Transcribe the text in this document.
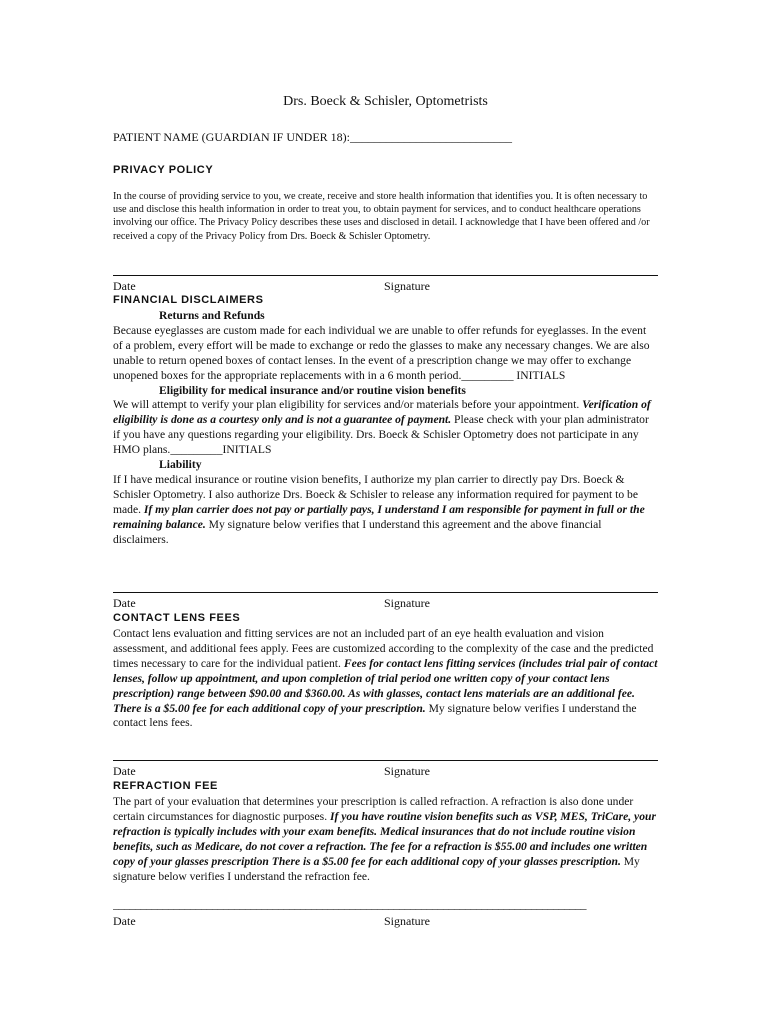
Drs. Boeck & Schisler, Optometrists
PATIENT NAME (GUARDIAN IF UNDER 18):___________________________
PRIVACY POLICY
In the course of providing service to you, we create, receive and store health information that identifies you. It is often necessary to use and disclose this health information in order to treat you, to obtain payment for services, and to conduct healthcare operations involving our office. The Privacy Policy describes these uses and disclosed in detail. I acknowledge that I have been offered and /or received a copy of the Privacy Policy from Drs. Boeck & Schisler Optometry.
Date	Signature
FINANCIAL DISCLAIMERS
Returns and Refunds
Because eyeglasses are custom made for each individual we are unable to offer refunds for eyeglasses. In the event of a problem, every effort will be made to exchange or redo the glasses to make any necessary changes. We are also unable to return opened boxes of contact lenses. In the event of a prescription change we may offer to exchange unopened boxes for the appropriate replacements with in a 6 month period._________ INITIALS
Eligibility for medical insurance and/or routine vision benefits
We will attempt to verify your plan eligibility for services and/or materials before your appointment. Verification of eligibility is done as a courtesy only and is not a guarantee of payment. Please check with your plan administrator if you have any questions regarding your eligibility. Drs. Boeck & Schisler Optometry does not participate in any HMO plans._________INITIALS
Liability
If I have medical insurance or routine vision benefits, I authorize my plan carrier to directly pay Drs. Boeck & Schisler Optometry. I also authorize Drs. Boeck & Schisler to release any information required for payment to be made. If my plan carrier does not pay or partially pays, I understand I am responsible for payment in full or the remaining balance. My signature below verifies that I understand this agreement and the above financial disclaimers.
Date	Signature
CONTACT LENS FEES
Contact lens evaluation and fitting services are not an included part of an eye health evaluation and vision assessment, and additional fees apply. Fees are customized according to the complexity of the case and the predicted times necessary to care for the individual patient. Fees for contact lens fitting services (includes trial pair of contact lenses, follow up appointment, and upon completion of trial period one written copy of your contact lens prescription) range between $90.00 and $360.00. As with glasses, contact lens materials are an additional fee. There is a $5.00 fee for each additional copy of your prescription. My signature below verifies I understand the contact lens fees.
Date	Signature
REFRACTION FEE
The part of your evaluation that determines your prescription is called refraction. A refraction is also done under certain circumstances for diagnostic purposes. If you have routine vision benefits such as VSP, MES, TriCare, your refraction is typically includes with your exam benefits. Medical insurances that do not include routine vision benefits, such as Medicare, do not cover a refraction. The fee for a refraction is $55.00 and includes one written copy of your glasses prescription There is a $5.00 fee for each additional copy of your glasses prescription. My signature below verifies I understand the refraction fee.
______________________________________________________________________________________
Date	Signature
